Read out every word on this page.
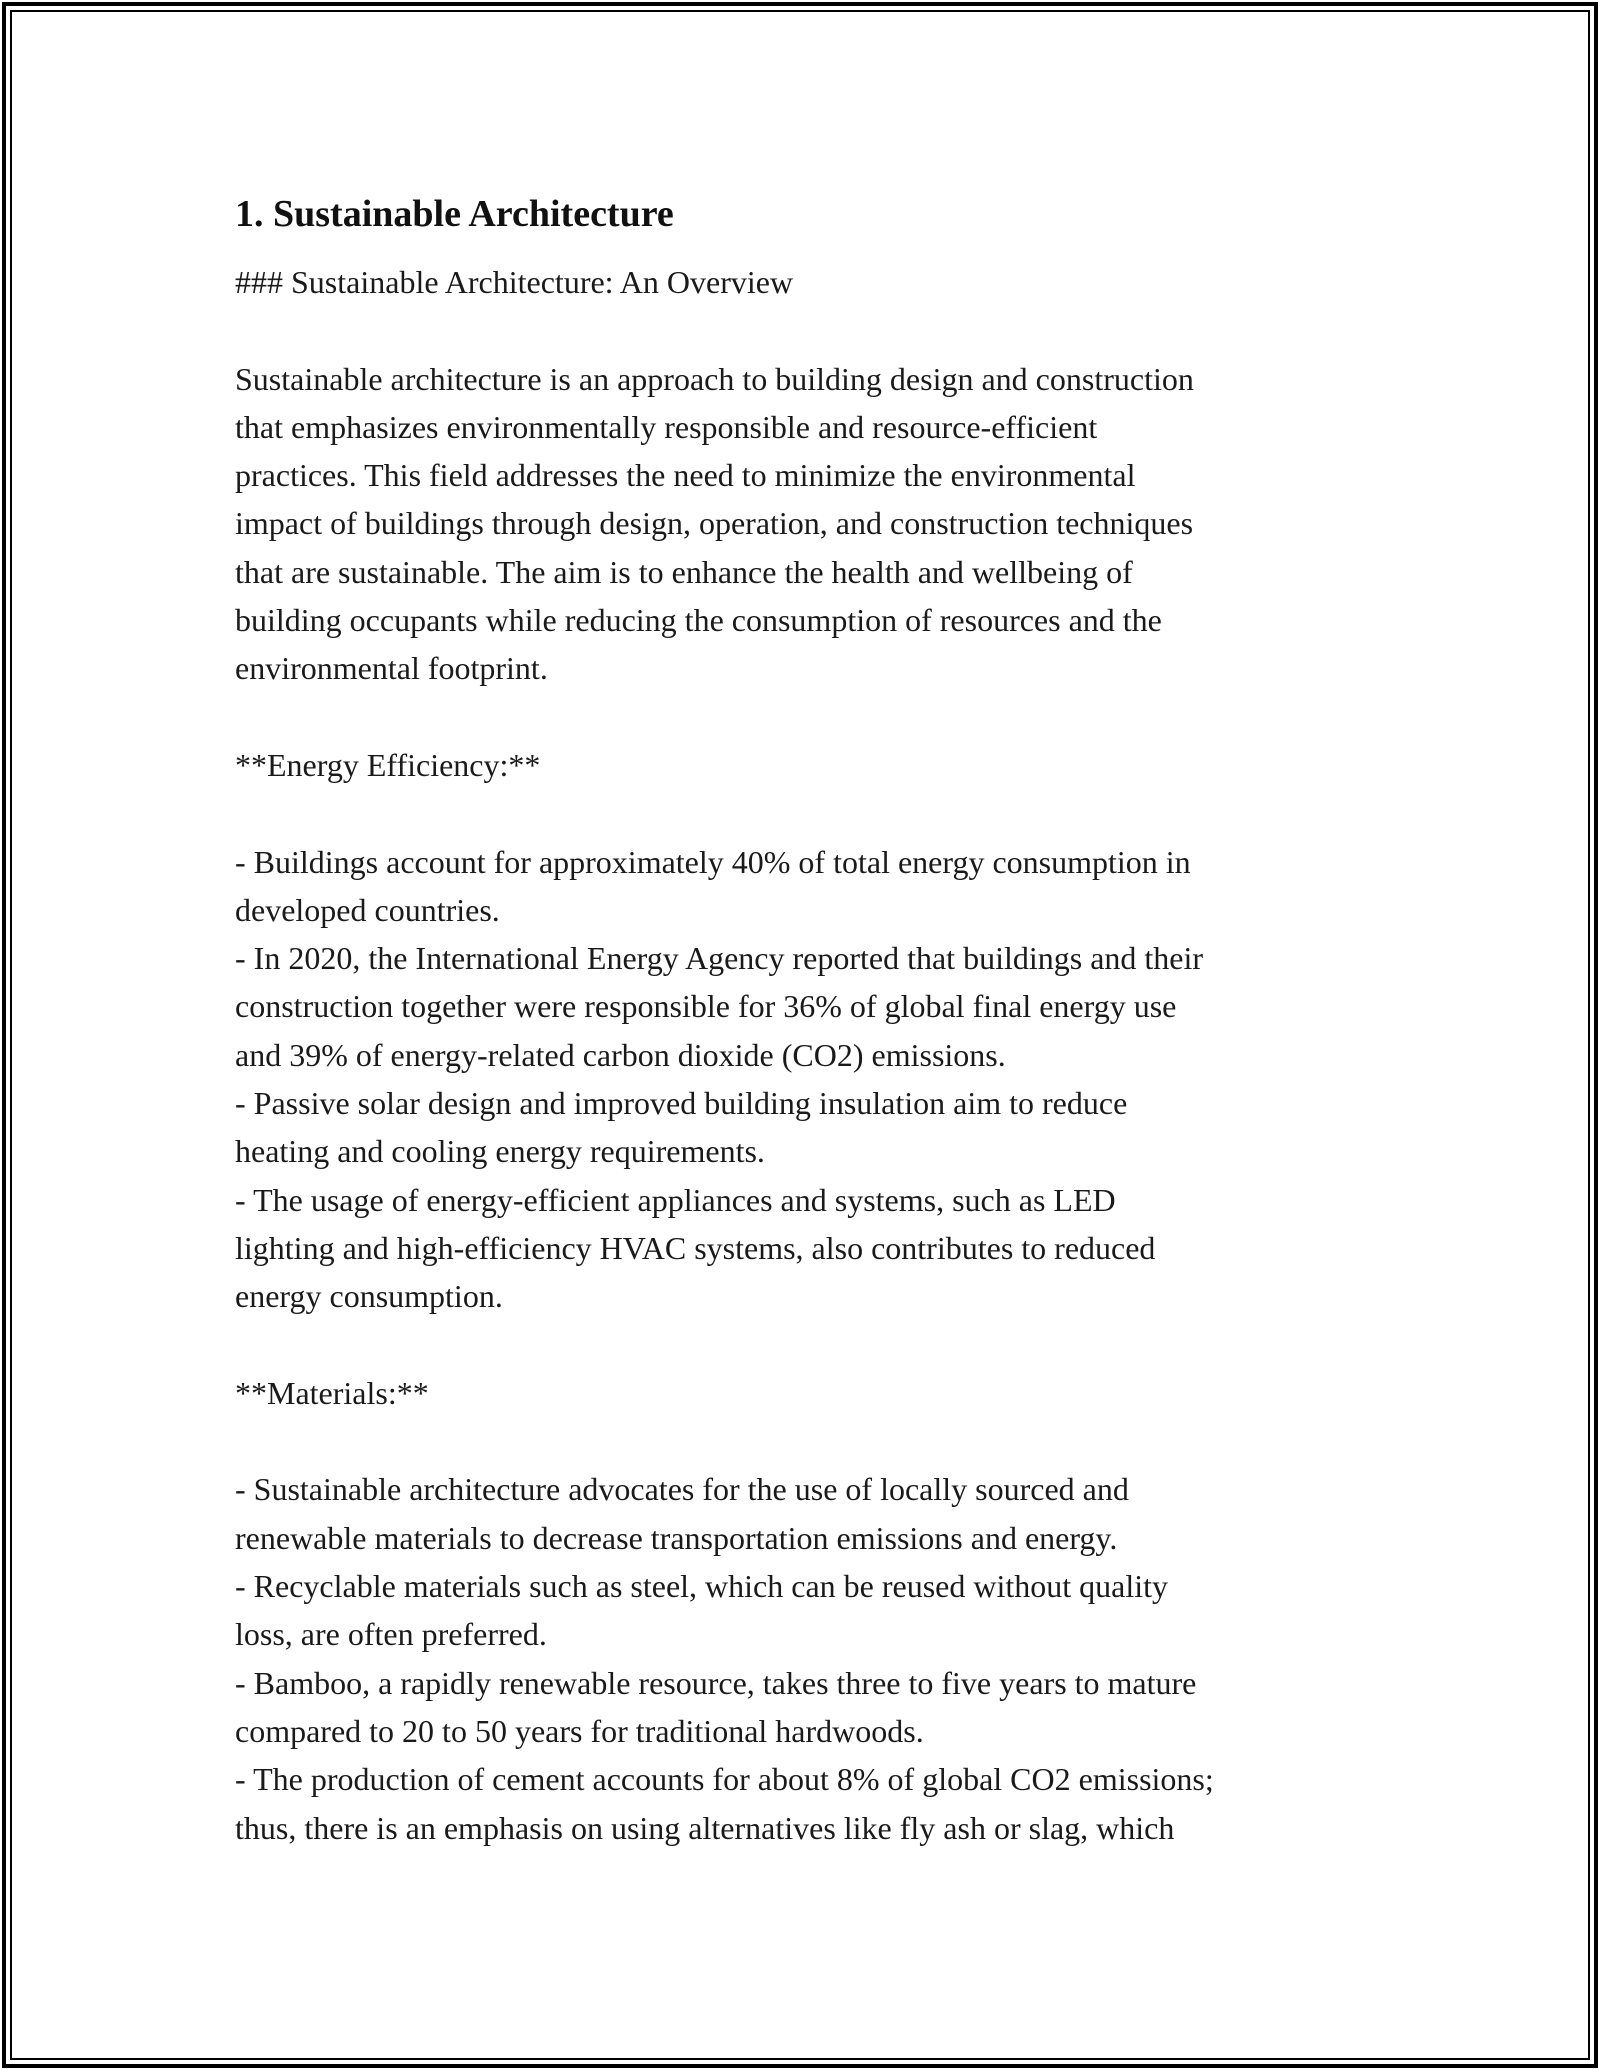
1. Sustainable Architecture
### Sustainable Architecture: An Overview
Sustainable architecture is an approach to building design and construction
that emphasizes environmentally responsible and resource-efficient
practices. This field addresses the need to minimize the environmental
impact of buildings through design, operation, and construction techniques
that are sustainable. The aim is to enhance the health and wellbeing of
building occupants while reducing the consumption of resources and the
environmental footprint.
**Energy Efficiency:**
- Buildings account for approximately 40% of total energy consumption in
developed countries.
- In 2020, the International Energy Agency reported that buildings and their
construction together were responsible for 36% of global final energy use
and 39% of energy-related carbon dioxide (CO2) emissions.
- Passive solar design and improved building insulation aim to reduce
heating and cooling energy requirements.
- The usage of energy-efficient appliances and systems, such as LED
lighting and high-efficiency HVAC systems, also contributes to reduced
energy consumption.
**Materials:**
- Sustainable architecture advocates for the use of locally sourced and
renewable materials to decrease transportation emissions and energy.
- Recyclable materials such as steel, which can be reused without quality
loss, are often preferred.
- Bamboo, a rapidly renewable resource, takes three to five years to mature
compared to 20 to 50 years for traditional hardwoods.
- The production of cement accounts for about 8% of global CO2 emissions;
thus, there is an emphasis on using alternatives like fly ash or slag, which
